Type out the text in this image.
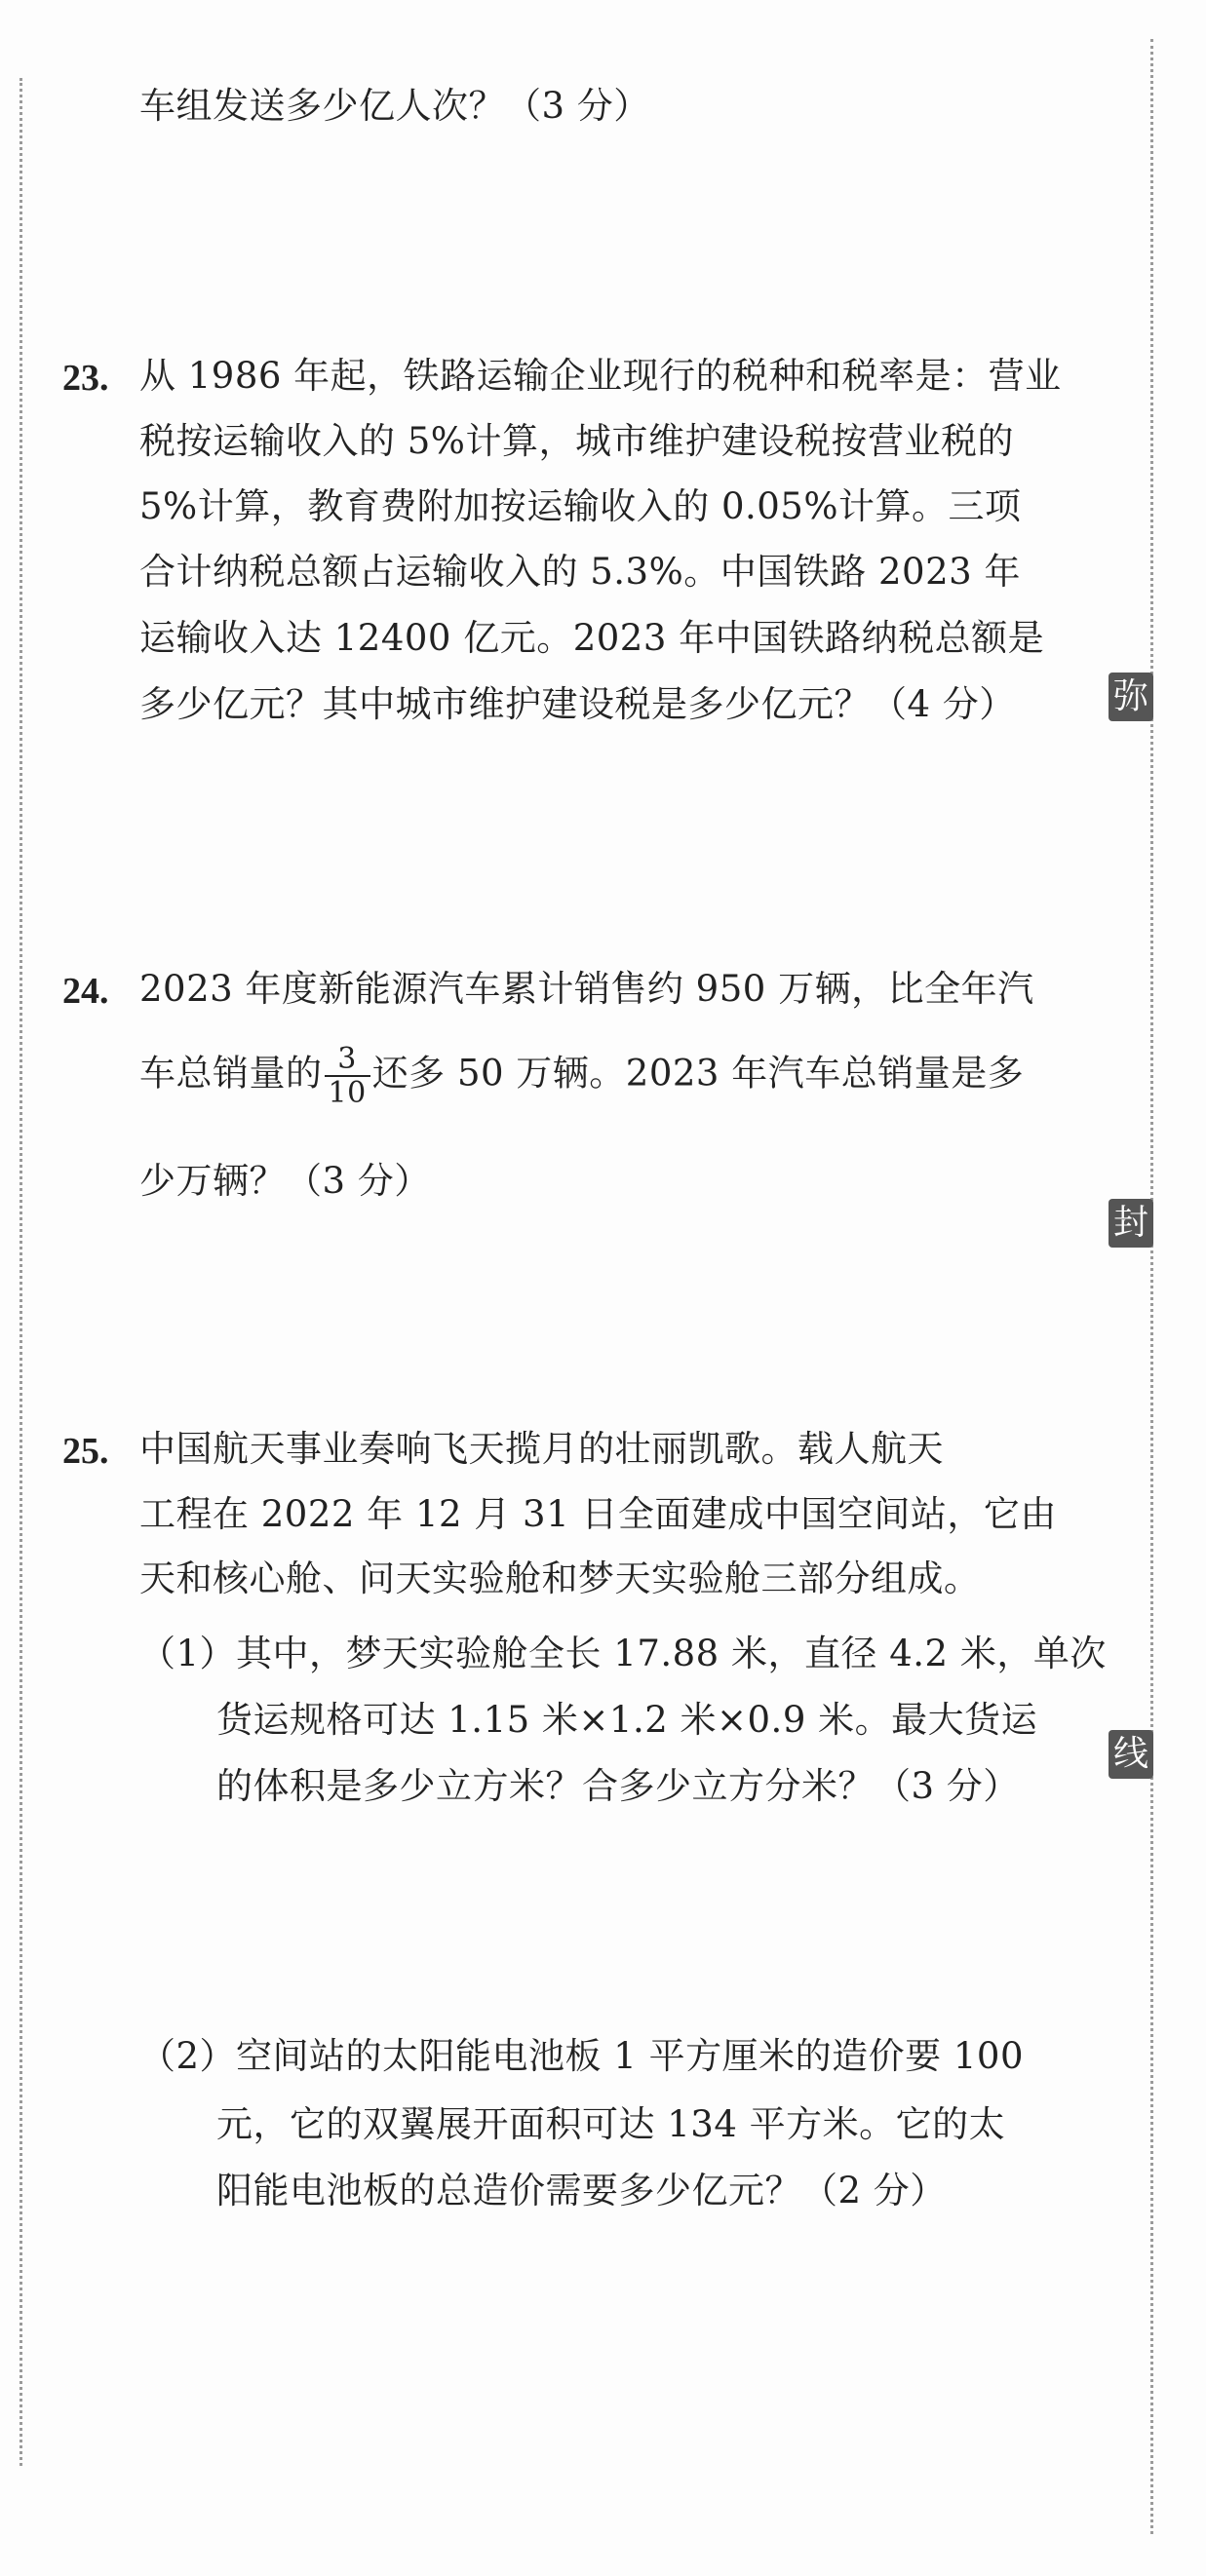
弥
封
线
车组发送多少亿人次？（3 分）
23. 从 1986 年起，铁路运输企业现行的税种和税率是：营业
税按运输收入的 5%计算，城市维护建设税按营业税的
5%计算，教育费附加按运输收入的 0.05%计算。三项
合计纳税总额占运输收入的 5.3%。中国铁路 2023 年
运输收入达 12400 亿元。2023 年中国铁路纳税总额是
多少亿元？其中城市维护建设税是多少亿元？（4 分）
24. 2023 年度新能源汽车累计销售约 950 万辆，比全年汽
车总销量的 $\frac{3}{10}$ 还多 50 万辆。2023 年汽车总销量是多
少万辆？（3 分）
25. 中国航天事业奏响飞天揽月的壮丽凯歌。载人航天
工程在 2022 年 12 月 31 日全面建成中国空间站，它由
天和核心舱、问天实验舱和梦天实验舱三部分组成。
（1）其中，梦天实验舱全长 17.88 米，直径 4.2 米，单次
货运规格可达 1.15 米×1.2 米×0.9 米。最大货运
的体积是多少立方米？合多少立方分米？（3 分）
（2）空间站的太阳能电池板 1 平方厘米的造价要 100
元，它的双翼展开面积可达 134 平方米。它的太
阳能电池板的总造价需要多少亿元？（2 分）
